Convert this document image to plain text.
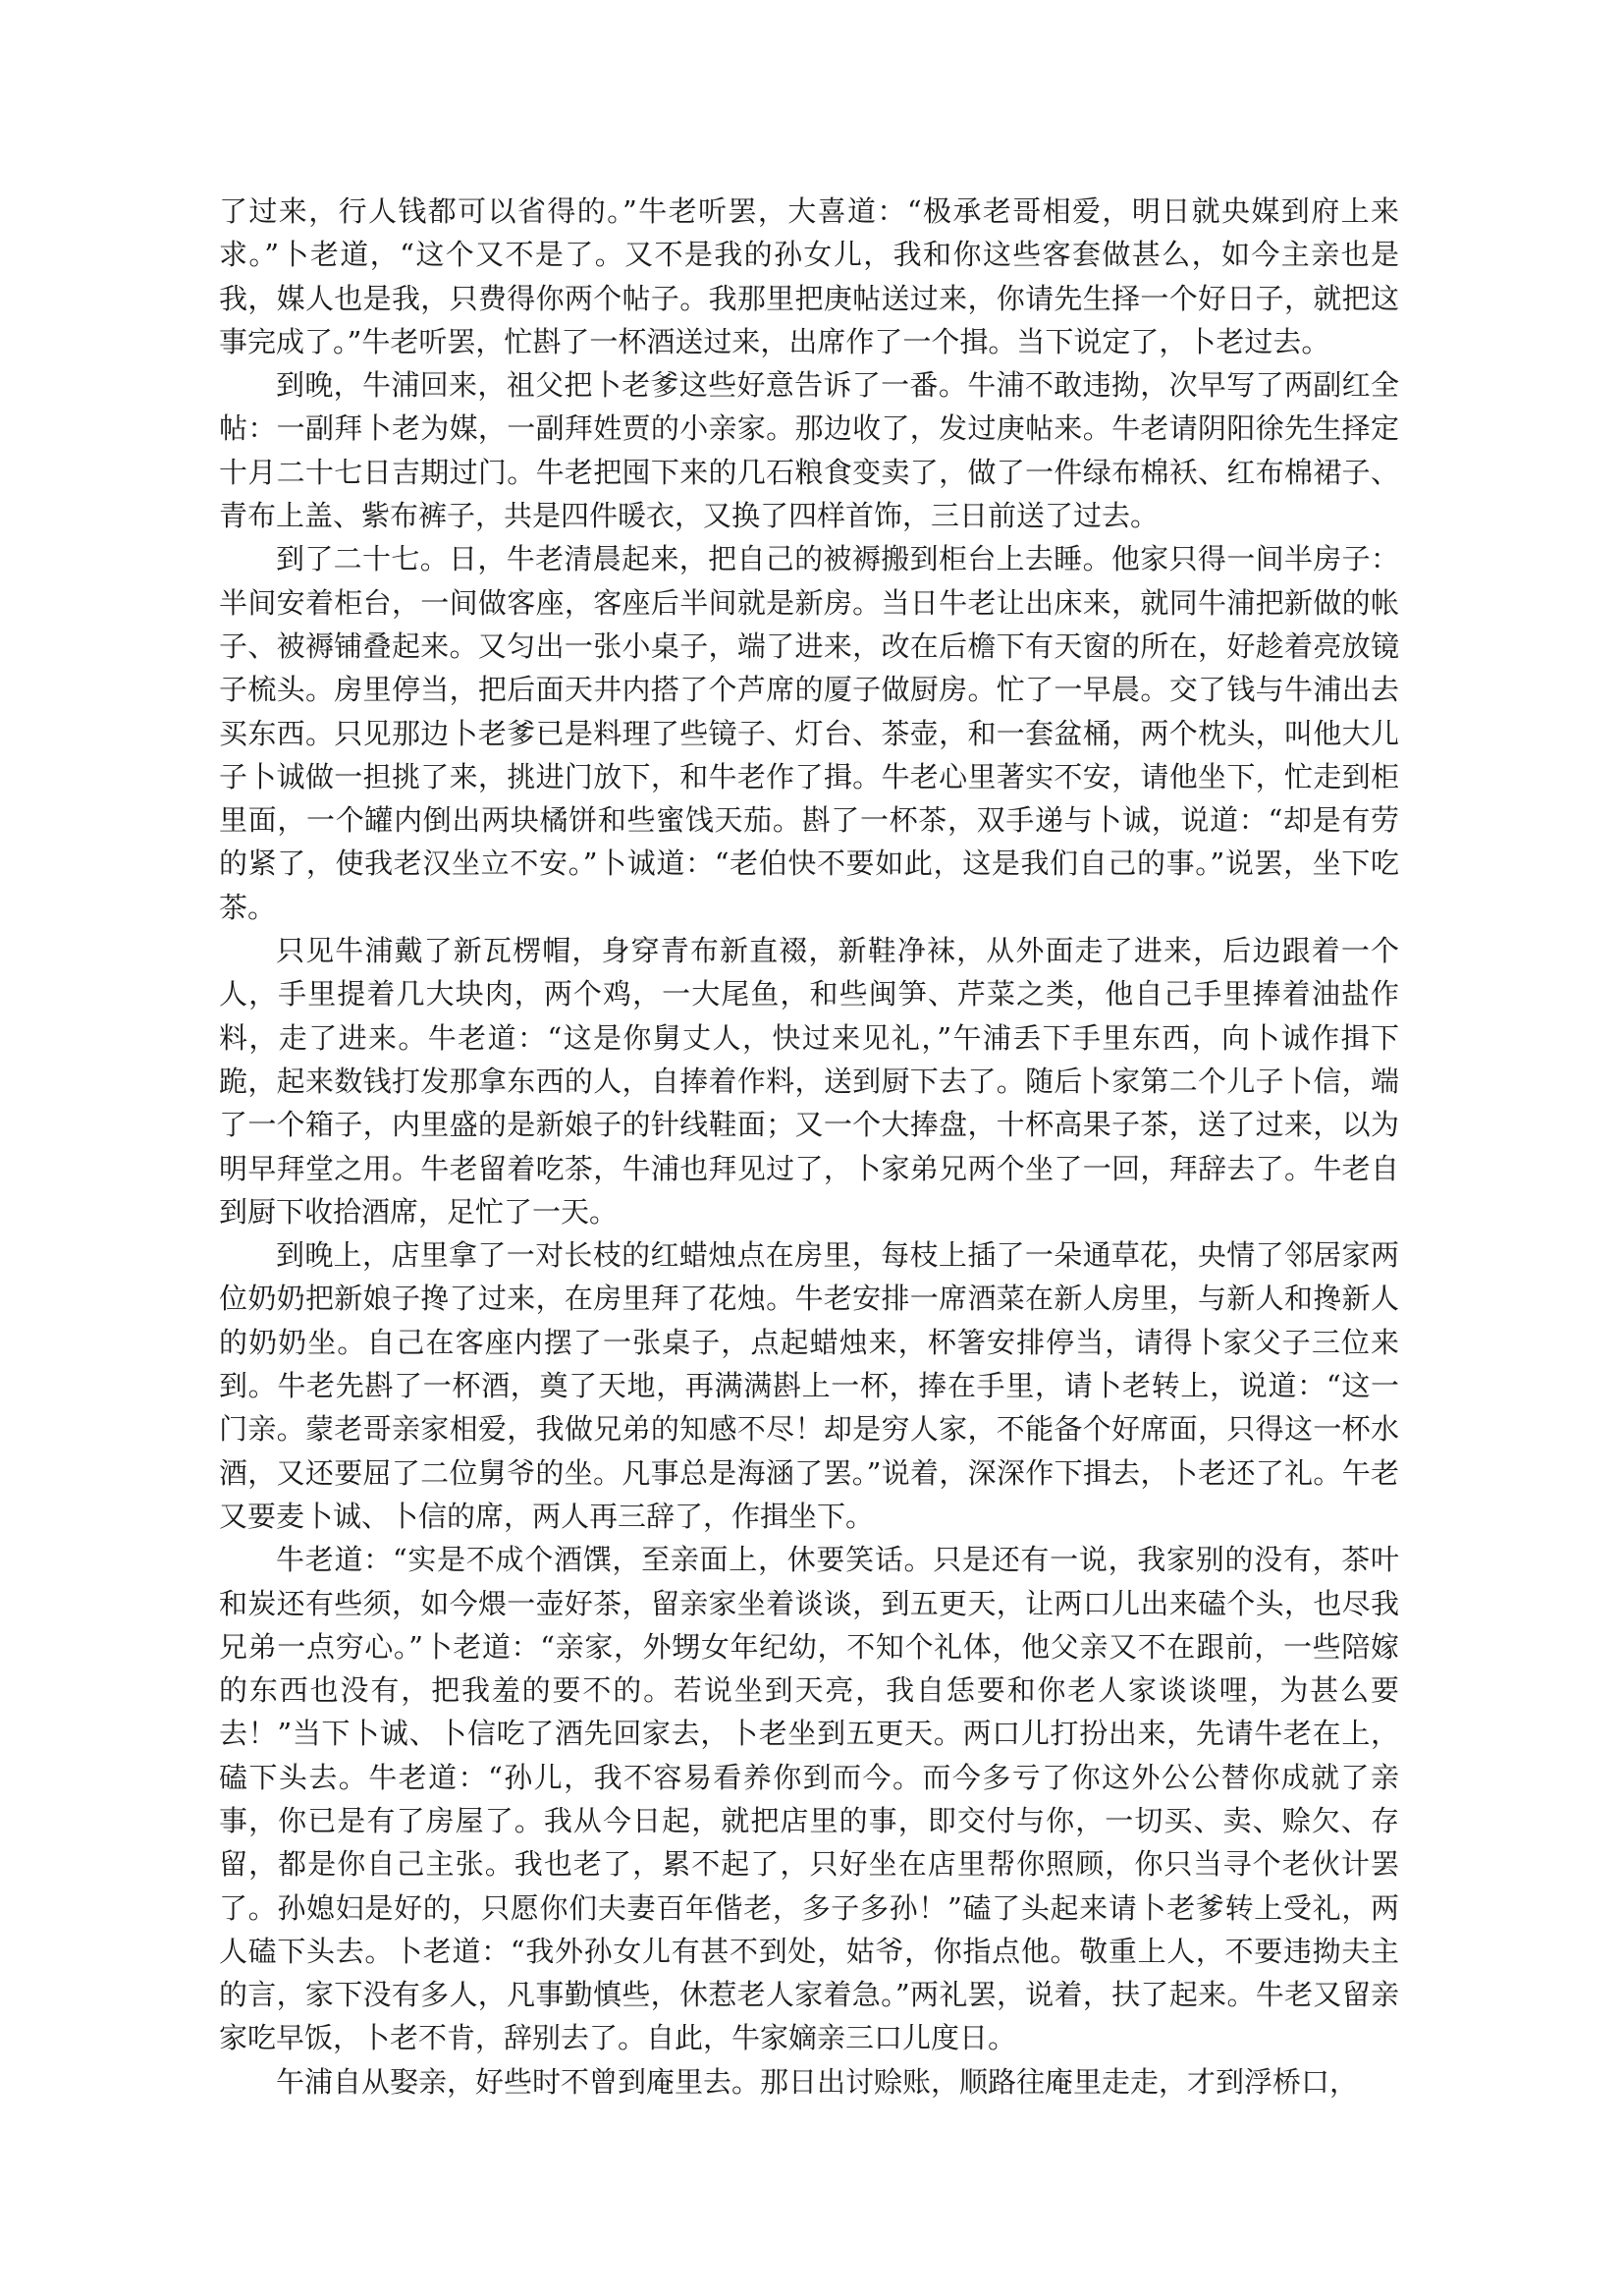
了过来，行人钱都可以省得的。”牛老听罢，大喜道：“极承老哥相爱，明日就央媒到府上来求。”卜老道，“这个又不是了。又不是我的孙女儿，我和你这些客套做甚么，如今主亲也是我，媒人也是我，只费得你两个帖子。我那里把庚帖送过来，你请先生择一个好日子，就把这事完成了。”牛老听罢，忙斟了一杯酒送过来，出席作了一个揖。当下说定了，卜老过去。

到晚，牛浦回来，祖父把卜老爹这些好意告诉了一番。牛浦不敢违拗，次早写了两副红全帖：一副拜卜老为媒，一副拜姓贾的小亲家。那边收了，发过庚帖来。牛老请阴阳徐先生择定十月二十七日吉期过门。牛老把囤下来的几石粮食变卖了，做了一件绿布棉袄、红布棉裙子、青布上盖、紫布裤子，共是四件暖衣，又换了四样首饰，三日前送了过去。

到了二十七。日，牛老清晨起来，把自己的被褥搬到柜台上去睡。他家只得一间半房子：半间安着柜台，一间做客座，客座后半间就是新房。当日牛老让出床来，就同牛浦把新做的帐子、被褥铺叠起来。又匀出一张小桌子，端了进来，改在后檐下有天窗的所在，好趁着亮放镜子梳头。房里停当，把后面天井内搭了个芦席的厦子做厨房。忙了一早晨。交了钱与牛浦出去买东西。只见那边卜老爹已是料理了些镜子、灯台、茶壶，和一套盆桶，两个枕头，叫他大儿子卜诚做一担挑了来，挑进门放下，和牛老作了揖。牛老心里著实不安，请他坐下，忙走到柜里面，一个罐内倒出两块橘饼和些蜜饯天茄。斟了一杯茶，双手递与卜诚，说道：“却是有劳的紧了，使我老汉坐立不安。”卜诚道：“老伯快不要如此，这是我们自己的事。”说罢，坐下吃茶。

只见牛浦戴了新瓦楞帽，身穿青布新直裰，新鞋净袜，从外面走了进来，后边跟着一个人，手里提着几大块肉，两个鸡，一大尾鱼，和些闽笋、芹菜之类，他自己手里捧着油盐作料，走了进来。牛老道：“这是你舅丈人，快过来见礼，”午浦丢下手里东西，向卜诚作揖下跪，起来数钱打发那拿东西的人，自捧着作料，送到厨下去了。随后卜家第二个儿子卜信，端了一个箱子，内里盛的是新娘子的针线鞋面；又一个大捧盘，十杯高果子茶，送了过来，以为明早拜堂之用。牛老留着吃茶，牛浦也拜见过了，卜家弟兄两个坐了一回，拜辞去了。牛老自到厨下收拾酒席，足忙了一天。

到晚上，店里拿了一对长枝的红蜡烛点在房里，每枝上插了一朵通草花，央情了邻居家两位奶奶把新娘子搀了过来，在房里拜了花烛。牛老安排一席酒菜在新人房里，与新人和搀新人的奶奶坐。自己在客座内摆了一张桌子，点起蜡烛来，杯箸安排停当，请得卜家父子三位来到。牛老先斟了一杯酒，奠了天地，再满满斟上一杯，捧在手里，请卜老转上，说道：“这一门亲。蒙老哥亲家相爱，我做兄弟的知感不尽！却是穷人家，不能备个好席面，只得这一杯水酒，又还要屈了二位舅爷的坐。凡事总是海涵了罢。”说着，深深作下揖去，卜老还了礼。午老又要麦卜诚、卜信的席，两人再三辞了，作揖坐下。

牛老道：“实是不成个酒馔，至亲面上，休要笑话。只是还有一说，我家别的没有，茶叶和炭还有些须，如今煨一壶好茶，留亲家坐着谈谈，到五更天，让两口儿出来磕个头，也尽我兄弟一点穷心。”卜老道：“亲家，外甥女年纪幼，不知个礼体，他父亲又不在跟前，一些陪嫁的东西也没有，把我羞的要不的。若说坐到天亮，我自恁要和你老人家谈谈哩，为甚么要去！”当下卜诚、卜信吃了酒先回家去，卜老坐到五更天。两口儿打扮出来，先请牛老在上，磕下头去。牛老道：“孙儿，我不容易看养你到而今。而今多亏了你这外公公替你成就了亲事，你已是有了房屋了。我从今日起，就把店里的事，即交付与你，一切买、卖、赊欠、存留，都是你自己主张。我也老了，累不起了，只好坐在店里帮你照顾，你只当寻个老伙计罢了。孙媳妇是好的，只愿你们夫妻百年偕老，多子多孙！”磕了头起来请卜老爹转上受礼，两人磕下头去。卜老道：“我外孙女儿有甚不到处，姑爷，你指点他。敬重上人，不要违拗夫主的言，家下没有多人，凡事勤慎些，休惹老人家着急。”两礼罢，说着，扶了起来。牛老又留亲家吃早饭，卜老不肯，辞别去了。自此，牛家嫡亲三口儿度日。

午浦自从娶亲，好些时不曾到庵里去。那日出讨赊账，顺路往庵里走走，才到浮桥口，
